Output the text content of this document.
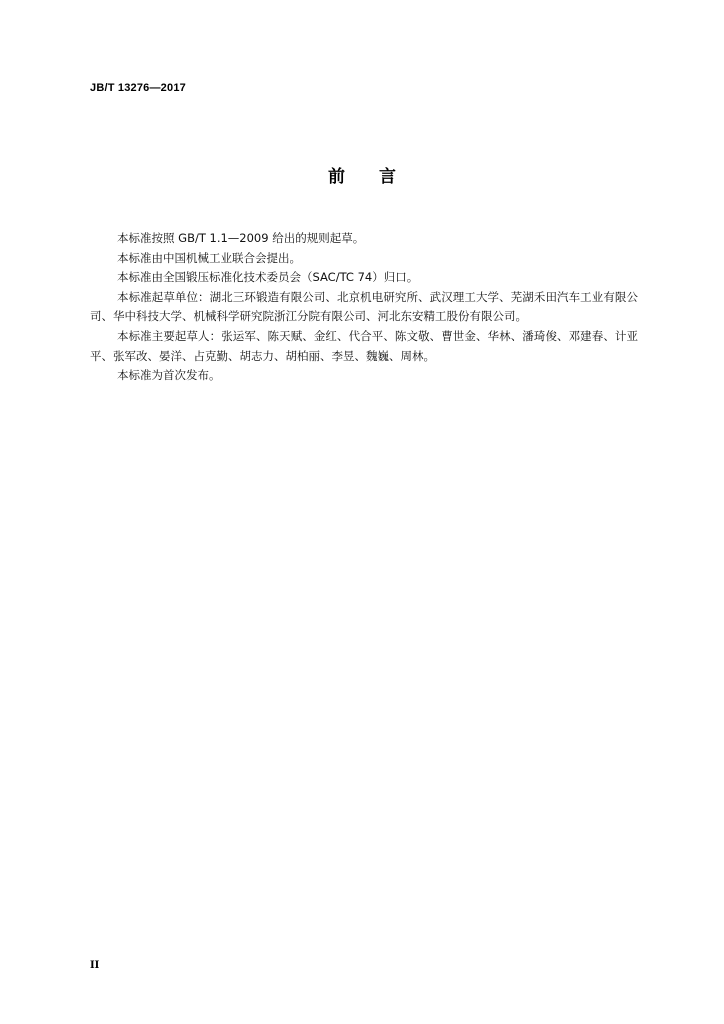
JB/T 13276—2017
前 言

本标准按照 GB/T 1.1—2009 给出的规则起草。

本标准由中国机械工业联合会提出。

本标准由全国锻压标准化技术委员会（SAC/TC 74）归口。

本标准起草单位：湖北三环锻造有限公司、北京机电研究所、武汉理工大学、芜湖禾田汽车工业有限公司、华中科技大学、机械科学研究院浙江分院有限公司、河北东安精工股份有限公司。

本标准主要起草人：张运军、陈天赋、金红、代合平、陈文敬、曹世金、华林、潘琦俊、邓建春、计亚平、张军改、晏洋、占克勤、胡志力、胡柏丽、李昱、魏巍、周林。

本标准为首次发布。

II
